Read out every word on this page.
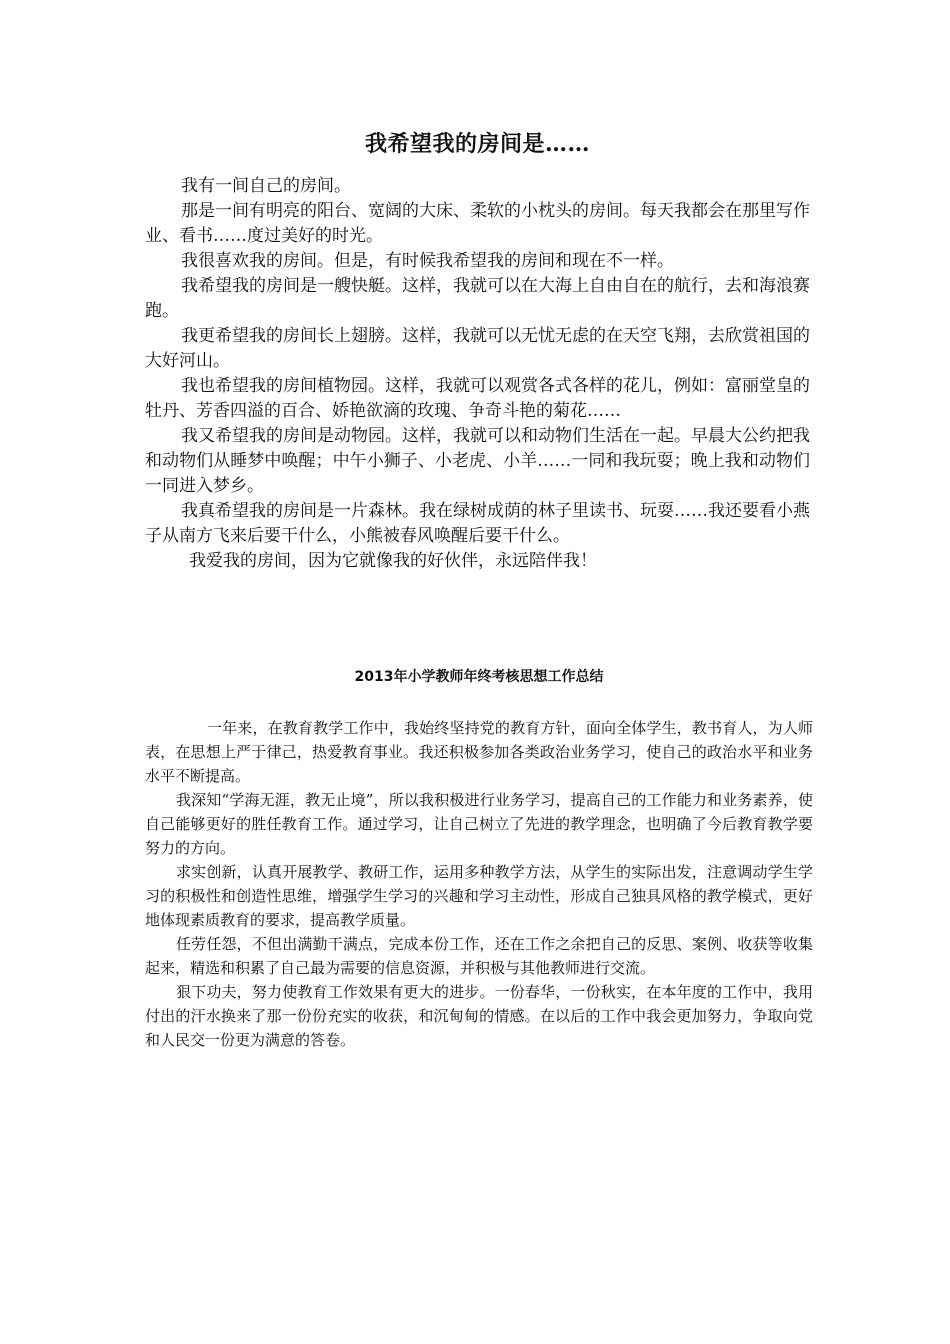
我希望我的房间是……

我有一间自己的房间。

那是一间有明亮的阳台、宽阔的大床、柔软的小枕头的房间。每天我都会在那里写作业、看书……度过美好的时光。

我很喜欢我的房间。但是，有时候我希望我的房间和现在不一样。

我希望我的房间是一艘快艇。这样，我就可以在大海上自由自在的航行，去和海浪赛跑。

我更希望我的房间长上翅膀。这样，我就可以无忧无虑的在天空飞翔，去欣赏祖国的大好河山。

我也希望我的房间植物园。这样，我就可以观赏各式各样的花儿，例如：富丽堂皇的牡丹、芳香四溢的百合、娇艳欲滴的玫瑰、争奇斗艳的菊花……

我又希望我的房间是动物园。这样，我就可以和动物们生活在一起。早晨大公约把我和动物们从睡梦中唤醒；中午小狮子、小老虎、小羊……一同和我玩耍；晚上我和动物们一同进入梦乡。

我真希望我的房间是一片森林。我在绿树成荫的林子里读书、玩耍……我还要看小燕子从南方飞来后要干什么，小熊被春风唤醒后要干什么。

我爱我的房间，因为它就像我的好伙伴，永远陪伴我！

2013年小学教师年终考核思想工作总结

一年来，在教育教学工作中，我始终坚持党的教育方针，面向全体学生，教书育人，为人师表，在思想上严于律己，热爱教育事业。我还积极参加各类政治业务学习，使自己的政治水平和业务水平不断提高。

我深知“学海无涯，教无止境”，所以我积极进行业务学习，提高自己的工作能力和业务素养，使自己能够更好的胜任教育工作。通过学习，让自己树立了先进的教学理念，也明确了今后教育教学要努力的方向。

求实创新，认真开展教学、教研工作，运用多种教学方法，从学生的实际出发，注意调动学生学习的积极性和创造性思维，增强学生学习的兴趣和学习主动性，形成自己独具风格的教学模式，更好地体现素质教育的要求，提高教学质量。

任劳任怨，不但出满勤干满点，完成本份工作，还在工作之余把自己的反思、案例、收获等收集起来，精选和积累了自己最为需要的信息资源，并积极与其他教师进行交流。

狠下功夫，努力使教育工作效果有更大的进步。一份春华，一份秋实，在本年度的工作中，我用付出的汗水换来了那一份份充实的收获，和沉甸甸的情感。在以后的工作中我会更加努力，争取向党和人民交一份更为满意的答卷。
